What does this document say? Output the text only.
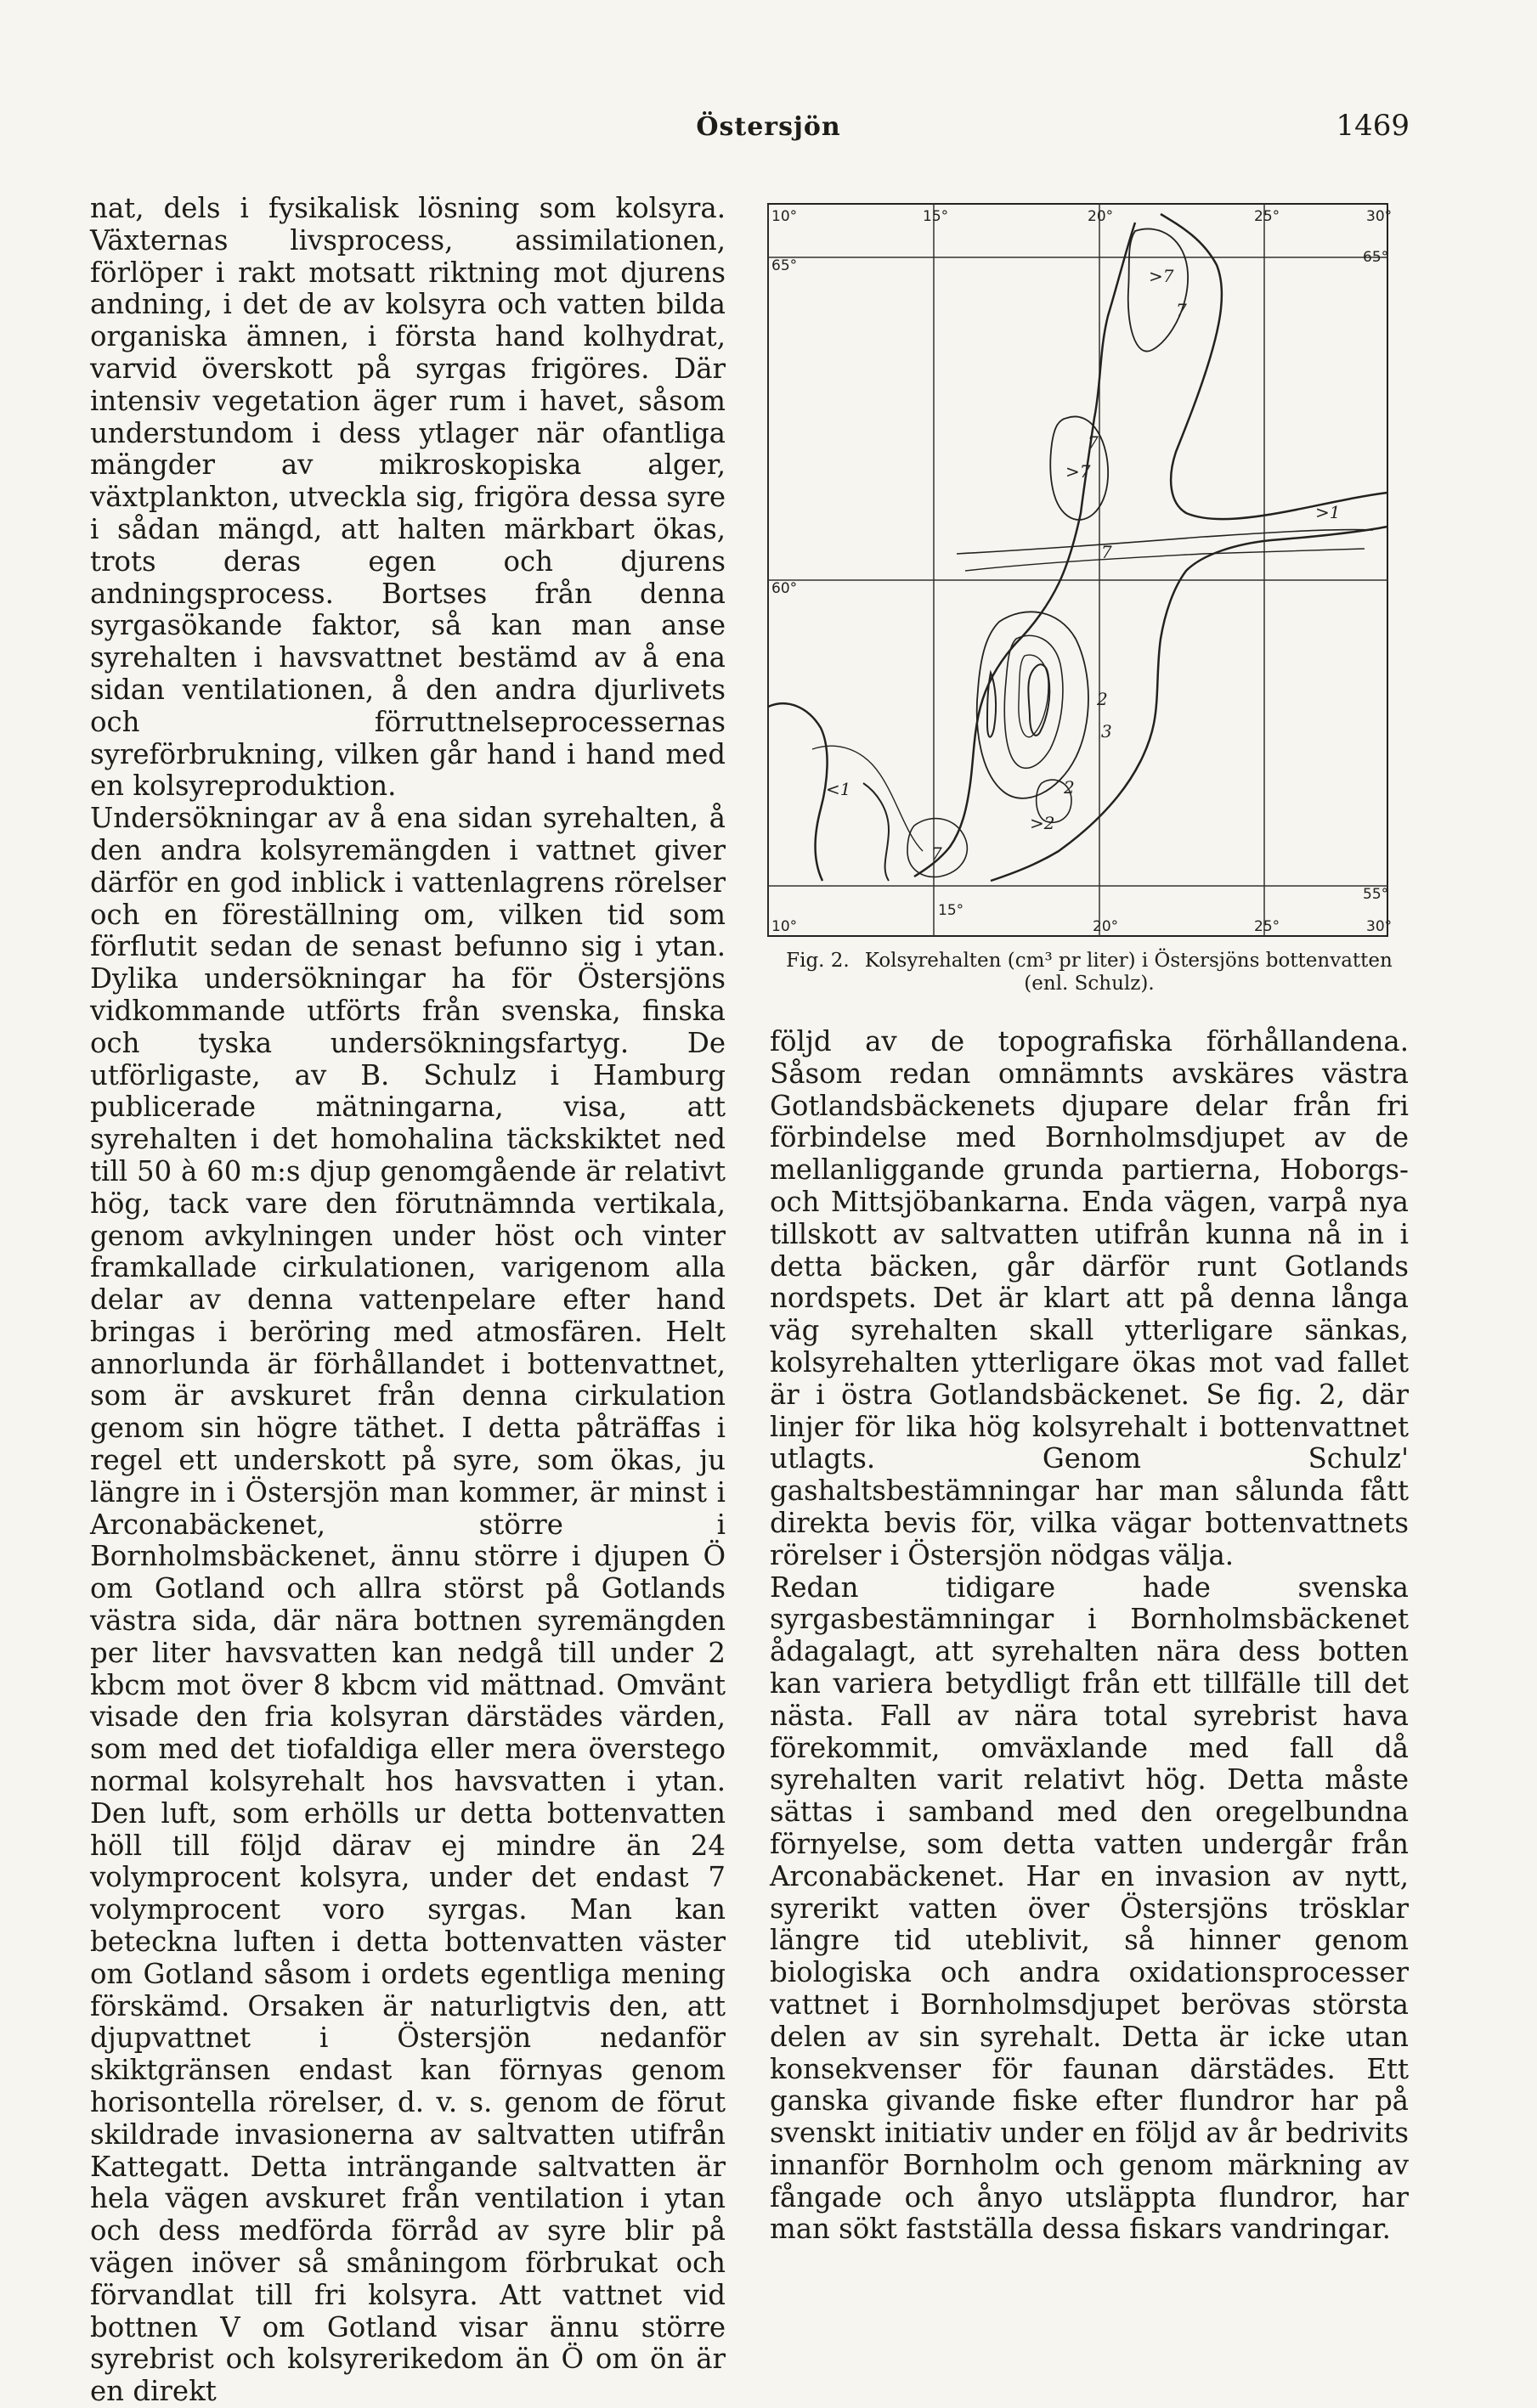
Östersjön	1469

nat, dels i fysikalisk lösning som kolsyra. Växternas livsprocess, assimilationen, förlöper i rakt motsatt riktning mot djurens andning, i det de av kolsyra och vatten bilda organiska ämnen, i första hand kolhydrat, varvid överskott på syrgas frigöres. Där intensiv vegetation äger rum i havet, såsom understundom i dess ytlager när ofantliga mängder av mikroskopiska alger, växtplankton, utveckla sig, frigöra dessa syre i sådan mängd, att halten märkbart ökas, trots deras egen och djurens andningsprocess. Bortses från denna syrgasökande faktor, så kan man anse syrehalten i havsvattnet bestämd av å ena sidan ventilationen, å den andra djurlivets och förruttnelseprocessernas syreförbrukning, vilken går hand i hand med en kolsyreproduktion.

Undersökningar av å ena sidan syrehalten, å den andra kolsyremängden i vattnet giver därför en god inblick i vattenlagrens rörelser och en föreställning om, vilken tid som förflutit sedan de senast befunno sig i ytan. Dylika undersökningar ha för Östersjöns vidkommande utförts från svenska, finska och tyska undersökningsfartyg. De utförligaste, av B. Schulz i Hamburg publicerade mätningarna, visa, att syrehalten i det homohalina täckskiktet ned till 50 à 60 m:s djup genomgående är relativt hög, tack vare den förutnämnda vertikala, genom avkylningen under höst och vinter framkallade cirkulationen, varigenom alla delar av denna vattenpelare efter hand bringas i beröring med atmosfären. Helt annorlunda är förhållandet i bottenvattnet, som är avskuret från denna cirkulation genom sin högre täthet. I detta påträffas i regel ett underskott på syre, som ökas, ju längre in i Östersjön man kommer, är minst i Arconabäckenet, större i Bornholmsbäckenet, ännu större i djupen Ö om Gotland och allra störst på Gotlands västra sida, där nära bottnen syremängden per liter havsvatten kan nedgå till under 2 kbcm mot över 8 kbcm vid mättnad. Omvänt visade den fria kolsyran därstädes värden, som med det tiofaldiga eller mera överstego normal kolsyrehalt hos havsvatten i ytan. Den luft, som erhölls ur detta bottenvatten höll till följd därav ej mindre än 24 volymprocent kolsyra, under det endast 7 volymprocent voro syrgas. Man kan beteckna luften i detta bottenvatten väster om Gotland såsom i ordets egentliga mening förskämd. Orsaken är naturligtvis den, att djupvattnet i Östersjön nedanför skiktgränsen endast kan förnyas genom horisontella rörelser, d. v. s. genom de förut skildrade invasionerna av saltvatten utifrån Kattegatt. Detta inträngande saltvatten är hela vägen avskuret från ventilation i ytan och dess medförda förråd av syre blir på vägen inöver så småningom förbrukat och förvandlat till fri kolsyra. Att vattnet vid bottnen V om Gotland visar ännu större syrebrist och kolsyrerikedom än Ö om ön är en direkt

10°	15°	20°	25°	30°
65°	65°
60°
55°
10°
15°
20°	25°	30°
>7
7
>7
7
7
2
3
2
>2
<1
7
>1
Fig. 2. Kolsyrehalten (cm³ pr liter) i Östersjöns bottenvatten (enl. Schulz).

följd av de topografiska förhållandena. Såsom redan omnämnts avskäres västra Gotlandsbäckenets djupare delar från fri förbindelse med Bornholmsdjupet av de mellanliggande grunda partierna, Hoborgs- och Mittsjöbankarna. Enda vägen, varpå nya tillskott av saltvatten utifrån kunna nå in i detta bäcken, går därför runt Gotlands nordspets. Det är klart att på denna långa väg syrehalten skall ytterligare sänkas, kolsyrehalten ytterligare ökas mot vad fallet är i östra Gotlandsbäckenet. Se fig. 2, där linjer för lika hög kolsyrehalt i bottenvattnet utlagts. Genom Schulz' gashaltsbestämningar har man sålunda fått direkta bevis för, vilka vägar bottenvattnets rörelser i Östersjön nödgas välja.

Redan tidigare hade svenska syrgasbestämningar i Bornholmsbäckenet ådagalagt, att syrehalten nära dess botten kan variera betydligt från ett tillfälle till det nästa. Fall av nära total syrebrist hava förekommit, omväxlande med fall då syrehalten varit relativt hög. Detta måste sättas i samband med den oregelbundna förnyelse, som detta vatten undergår från Arconabäckenet. Har en invasion av nytt, syrerikt vatten över Östersjöns trösklar längre tid uteblivit, så hinner genom biologiska och andra oxidationsprocesser vattnet i Bornholmsdjupet berövas största delen av sin syrehalt. Detta är icke utan konsekvenser för faunan därstädes. Ett ganska givande fiske efter flundror har på svenskt initiativ under en följd av år bedrivits innanför Bornholm och genom märkning av fångade och ånyo utsläppta flundror, har man sökt fastställa dessa fiskars vandringar.
